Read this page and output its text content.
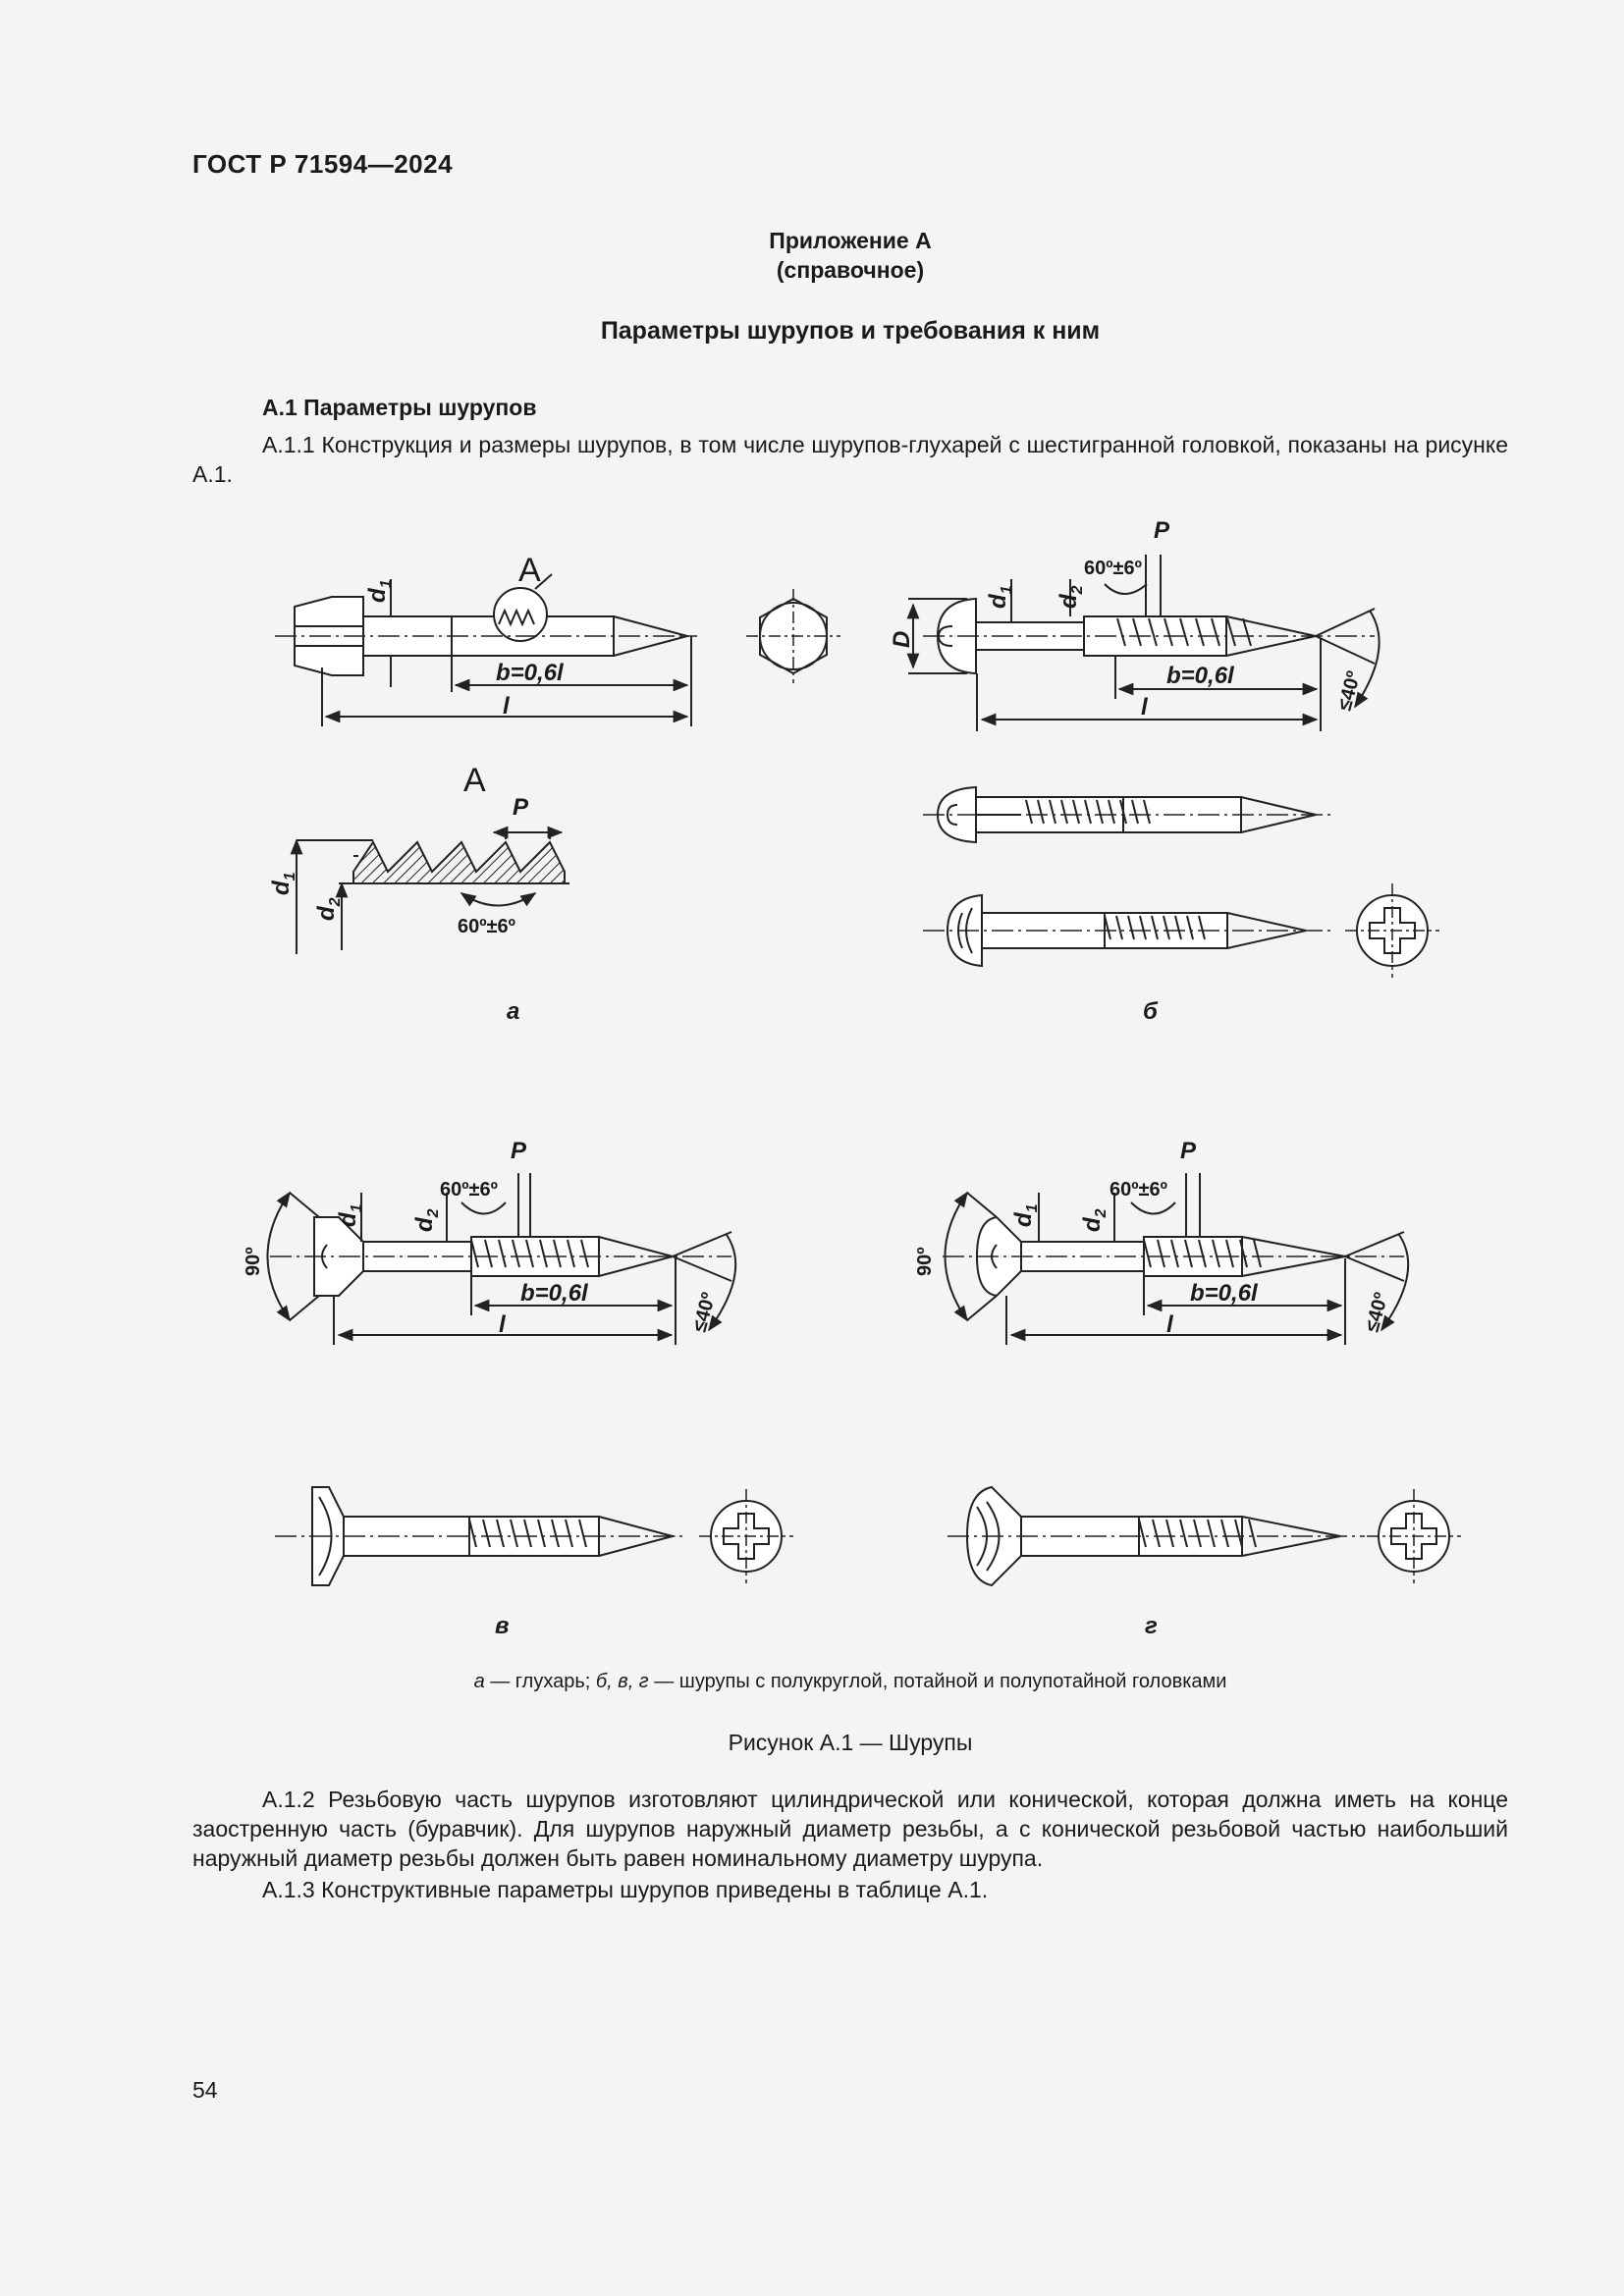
ГОСТ Р 71594—2024
Приложение А
(справочное)
Параметры шурупов и требования к ним
А.1 Параметры шурупов
А.1.1 Конструкция и размеры шурупов, в том числе шурупов-глухарей с шестигранной головкой, показаны на рисунке А.1.
А
$d_1$
b=0,6l
l
А
P
$d_1$
$d_2$
60º±6º
P
60º±6º
D
$d_1$
$d_2$
b=0,6l
l	≤40º
а	б
P
60º±6º
90º
$d_1$
$d_2$
b=0,6l
l	≤40º
P
60º±6º
90º
$d_1$
$d_2$
b=0,6l
l	≤40º
в	г
а — глухарь; б, в, г — шурупы с полукруглой, потайной и полупотайной головками
Рисунок А.1 — Шурупы
А.1.2 Резьбовую часть шурупов изготовляют цилиндрической или конической, которая должна иметь на конце заостренную часть (буравчик). Для шурупов наружный диаметр резьбы, а с конической резьбовой частью наибольший наружный диаметр резьбы должен быть равен номинальному диаметру шурупа.
А.1.3 Конструктивные параметры шурупов приведены в таблице А.1.
54
